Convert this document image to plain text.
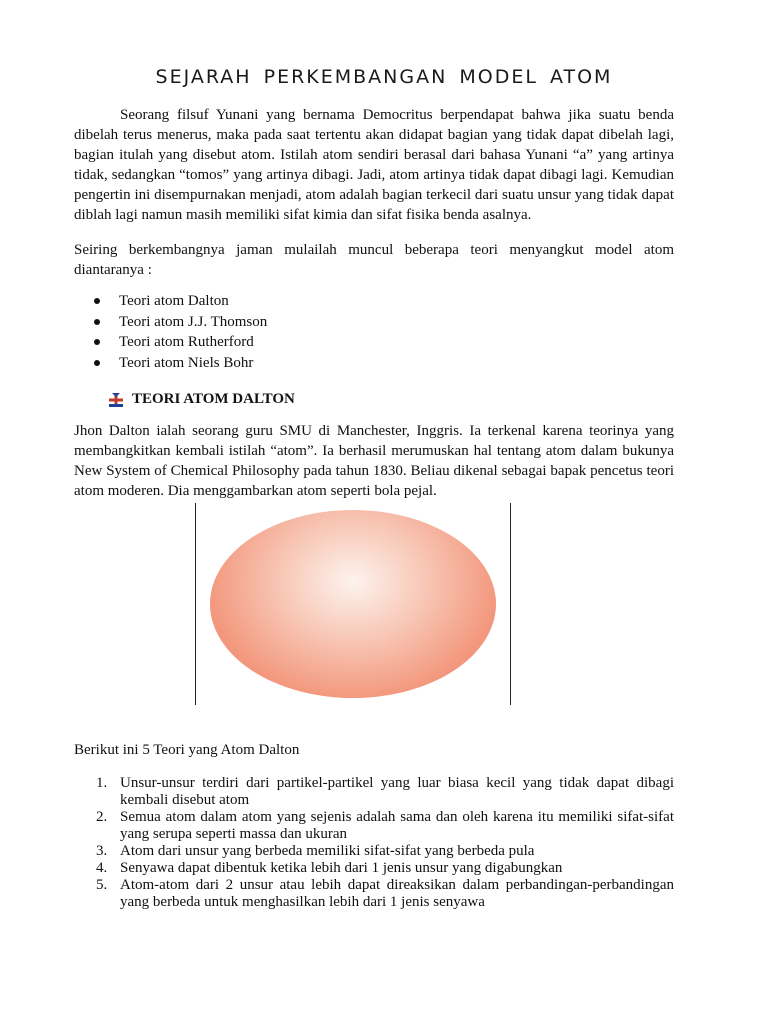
SEJARAH PERKEMBANGAN MODEL ATOM

Seorang filsuf Yunani yang bernama Democritus berpendapat bahwa jika suatu benda dibelah terus menerus, maka pada saat tertentu akan didapat bagian yang tidak dapat dibelah lagi, bagian itulah yang disebut atom. Istilah atom sendiri berasal dari bahasa Yunani “a” yang artinya tidak, sedangkan “tomos” yang artinya dibagi. Jadi, atom artinya tidak dapat dibagi lagi. Kemudian pengertin ini disempurnakan menjadi, atom adalah bagian terkecil dari suatu unsur yang tidak dapat diblah lagi namun masih memiliki sifat kimia dan sifat fisika benda asalnya.

Seiring berkembangnya jaman mulailah muncul beberapa teori menyangkut model atom diantaranya :

Teori atom Dalton
Teori atom J.J. Thomson
Teori atom Rutherford
Teori atom Niels Bohr
TEORI ATOM DALTON

Jhon Dalton ialah seorang guru SMU di Manchester, Inggris. Ia terkenal karena teorinya yang membangkitkan kembali istilah “atom”. Ia berhasil merumuskan hal tentang atom dalam bukunya New System of Chemical Philosophy pada tahun 1830. Beliau dikenal sebagai bapak pencetus teori atom moderen. Dia menggambarkan atom seperti bola pejal.

Berikut ini 5 Teori yang Atom Dalton

1. Unsur-unsur terdiri dari partikel-partikel yang luar biasa kecil yang tidak dapat dibagi kembali disebut atom
2. Semua atom dalam atom yang sejenis adalah sama dan oleh karena itu memiliki sifat-sifat yang serupa seperti massa dan ukuran
3. Atom dari unsur yang berbeda memiliki sifat-sifat yang berbeda pula
4. Senyawa dapat dibentuk ketika lebih dari 1 jenis unsur yang digabungkan
5. Atom-atom dari 2 unsur atau lebih dapat direaksikan dalam perbandingan-perbandingan yang berbeda untuk menghasilkan lebih dari 1 jenis senyawa
